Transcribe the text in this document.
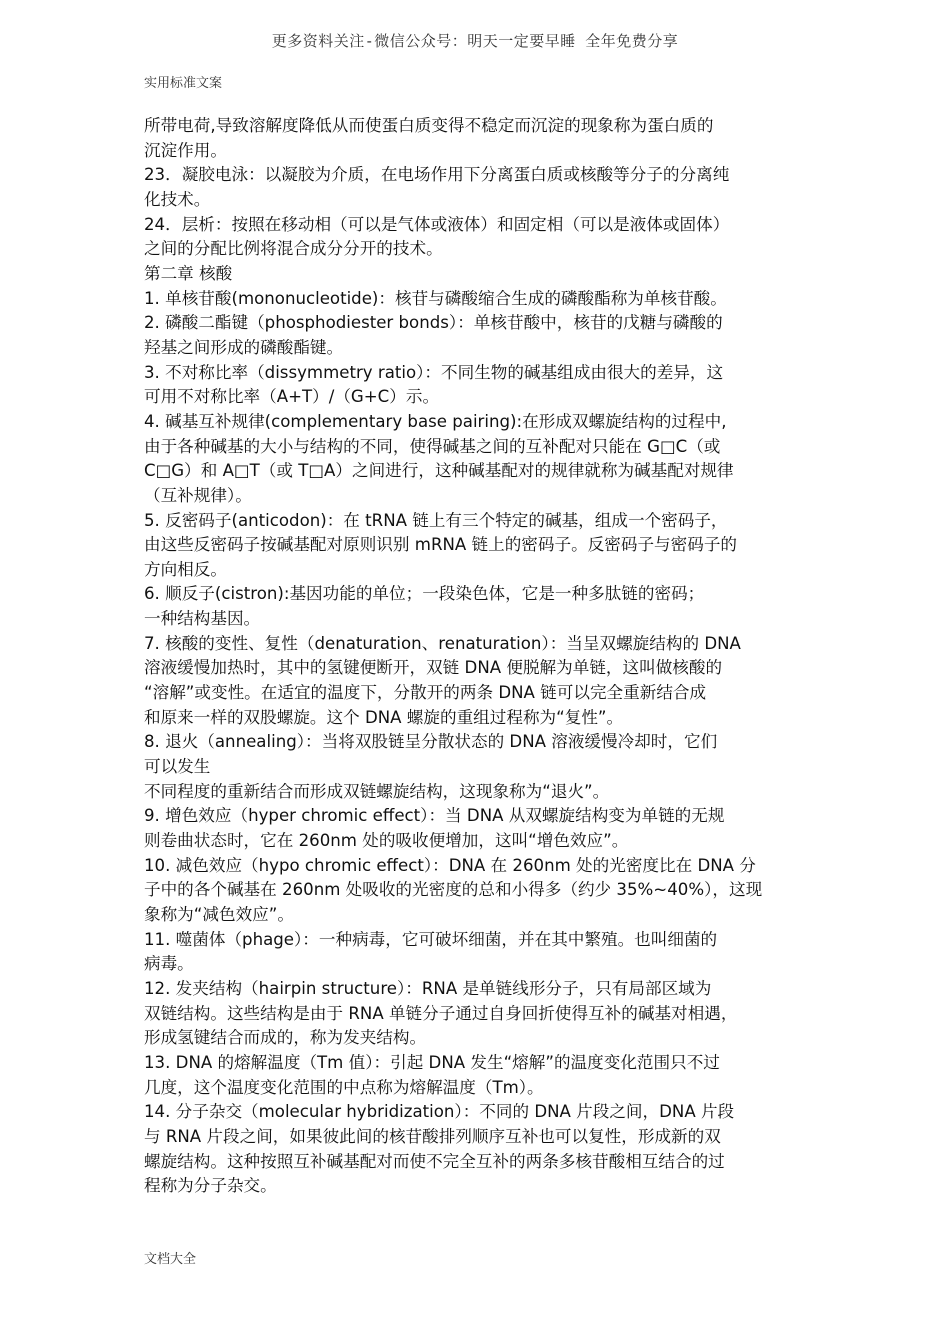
更多资料关注-微信公众号：明天一定要早睡 全年免费分享
实用标准文案

所带电荷,导致溶解度降低从而使蛋白质变得不稳定而沉淀的现象称为蛋白质的

沉淀作用。

23．凝胶电泳：以凝胶为介质，在电场作用下分离蛋白质或核酸等分子的分离纯

化技术。

24．层析：按照在移动相（可以是气体或液体）和固定相（可以是液体或固体）

之间的分配比例将混合成分分开的技术。

第二章 核酸

1. 单核苷酸(mononucleotide)：核苷与磷酸缩合生成的磷酸酯称为单核苷酸。

2. 磷酸二酯键（phosphodiester bonds）：单核苷酸中，核苷的戊糖与磷酸的

羟基之间形成的磷酸酯键。

3. 不对称比率（dissymmetry ratio）：不同生物的碱基组成由很大的差异，这

可用不对称比率（A+T）/（G+C）示。

4. 碱基互补规律(complementary base pairing):在形成双螺旋结构的过程中,

由于各种碱基的大小与结构的不同，使得碱基之间的互补配对只能在 G□C（或

C□G）和 A□T（或 T□A）之间进行，这种碱基配对的规律就称为碱基配对规律

（互补规律）。

5. 反密码子(anticodon)：在 tRNA 链上有三个特定的碱基，组成一个密码子，

由这些反密码子按碱基配对原则识别 mRNA 链上的密码子。反密码子与密码子的

方向相反。

6. 顺反子(cistron):基因功能的单位；一段染色体，它是一种多肽链的密码；

一种结构基因。

7. 核酸的变性、复性（denaturation、renaturation）：当呈双螺旋结构的 DNA

溶液缓慢加热时，其中的氢键便断开，双链 DNA 便脱解为单链，这叫做核酸的

“溶解”或变性。在适宜的温度下，分散开的两条 DNA 链可以完全重新结合成

和原来一样的双股螺旋。这个 DNA 螺旋的重组过程称为“复性”。

8. 退火（annealing）：当将双股链呈分散状态的 DNA 溶液缓慢冷却时，它们

可以发生

不同程度的重新结合而形成双链螺旋结构，这现象称为“退火”。

9. 增色效应（hyper chromic effect）：当 DNA 从双螺旋结构变为单链的无规

则卷曲状态时，它在 260nm 处的吸收便增加，这叫“增色效应”。

10. 减色效应（hypo chromic effect）：DNA 在 260nm 处的光密度比在 DNA 分

子中的各个碱基在 260nm 处吸收的光密度的总和小得多（约少 35%~40%），这现

象称为“减色效应”。

11. 噬菌体（phage）：一种病毒，它可破坏细菌，并在其中繁殖。也叫细菌的

病毒。

12. 发夹结构（hairpin structure）：RNA 是单链线形分子，只有局部区域为

双链结构。这些结构是由于 RNA 单链分子通过自身回折使得互补的碱基对相遇，

形成氢键结合而成的，称为发夹结构。

13. DNA 的熔解温度（Tm 值）：引起 DNA 发生“熔解”的温度变化范围只不过

几度，这个温度变化范围的中点称为熔解温度（Tm）。

14. 分子杂交（molecular hybridization）：不同的 DNA 片段之间，DNA 片段

与 RNA 片段之间，如果彼此间的核苷酸排列顺序互补也可以复性，形成新的双

螺旋结构。这种按照互补碱基配对而使不完全互补的两条多核苷酸相互结合的过

程称为分子杂交。

文档大全
